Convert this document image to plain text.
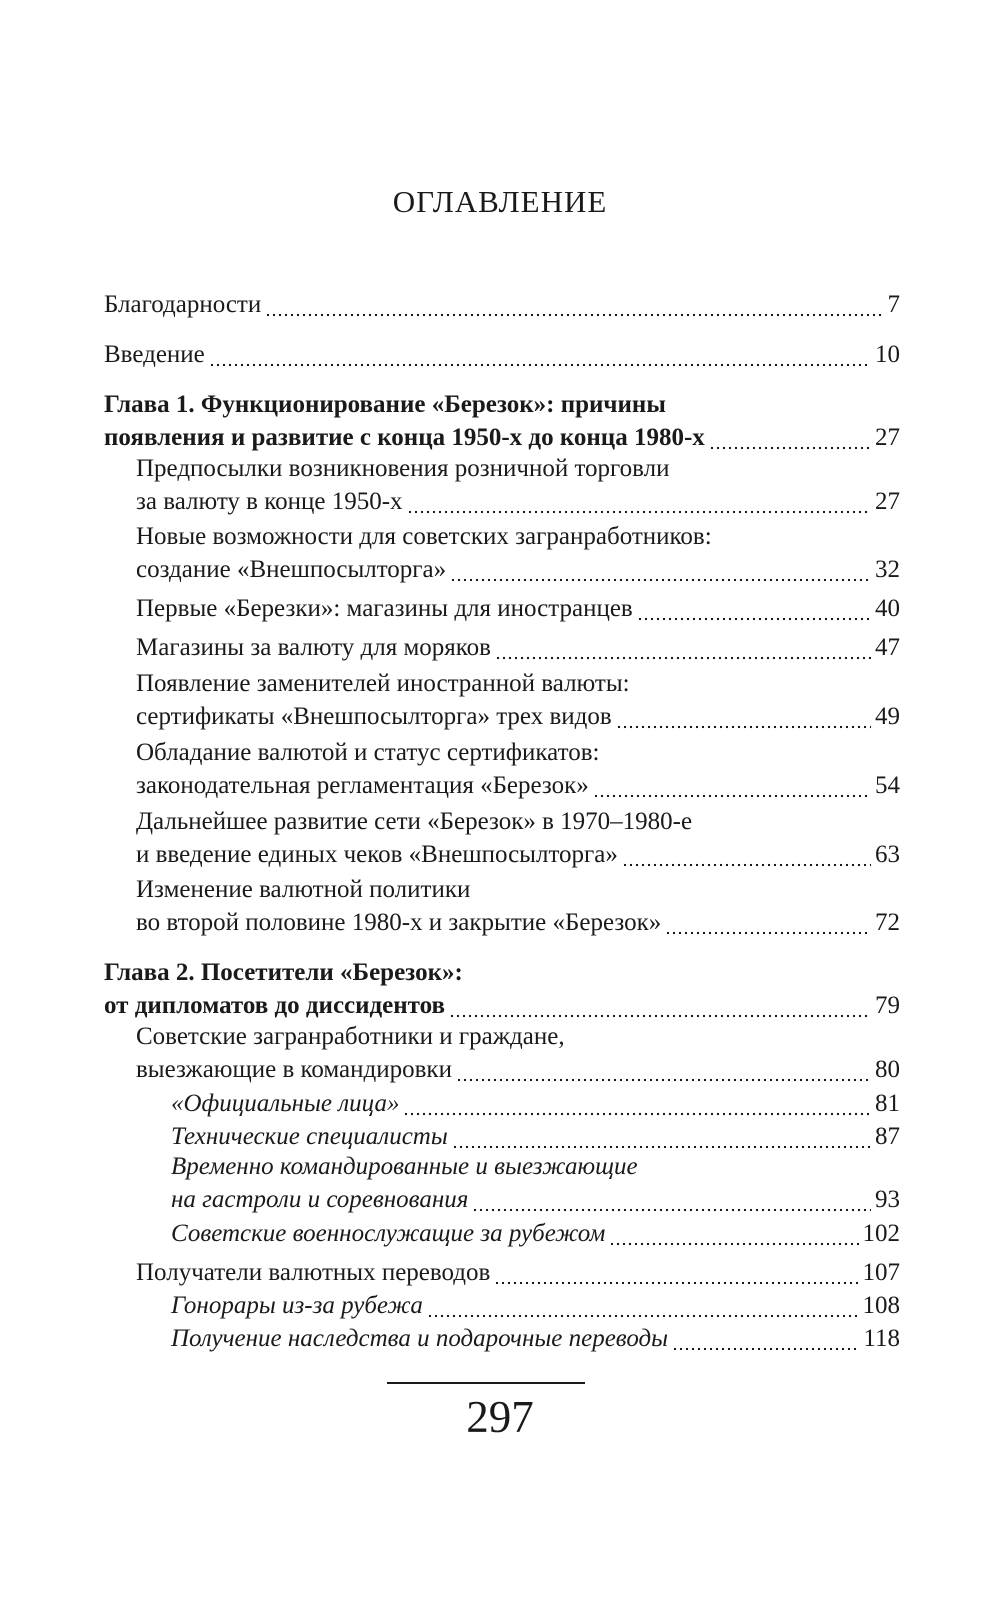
ОГЛАВЛЕНИЕ
Благодарности	7
Введение	10
Глава 1. Функционирование «Березок»: причины
появления и развитие с конца 1950-х до конца 1980-х	27
Предпосылки возникновения розничной торговли
за валюту в конце 1950-х	27
Новые возможности для советских загранработников:
создание «Внешпосылторга»	32
Первые «Березки»: магазины для иностранцев	40
Магазины за валюту для моряков	47
Появление заменителей иностранной валюты:
сертификаты «Внешпосылторга» трех видов	49
Обладание валютой и статус сертификатов:
законодательная регламентация «Березок»	54
Дальнейшее развитие сети «Березок» в 1970–1980-е
и введение единых чеков «Внешпосылторга»	63
Изменение валютной политики
во второй половине 1980-х и закрытие «Березок»	72
Глава 2. Посетители «Березок»:
от дипломатов до диссидентов	79
Советские загранработники и граждане,
выезжающие в командировки	80
«Официальные лица»	81
Технические специалисты	87
Временно командированные и выезжающие
на гастроли и соревнования	93
Советские военнослужащие за рубежом	102
Получатели валютных переводов	107
Гонорары из-за рубежа	108
Получение наследства и подарочные переводы	118
297
